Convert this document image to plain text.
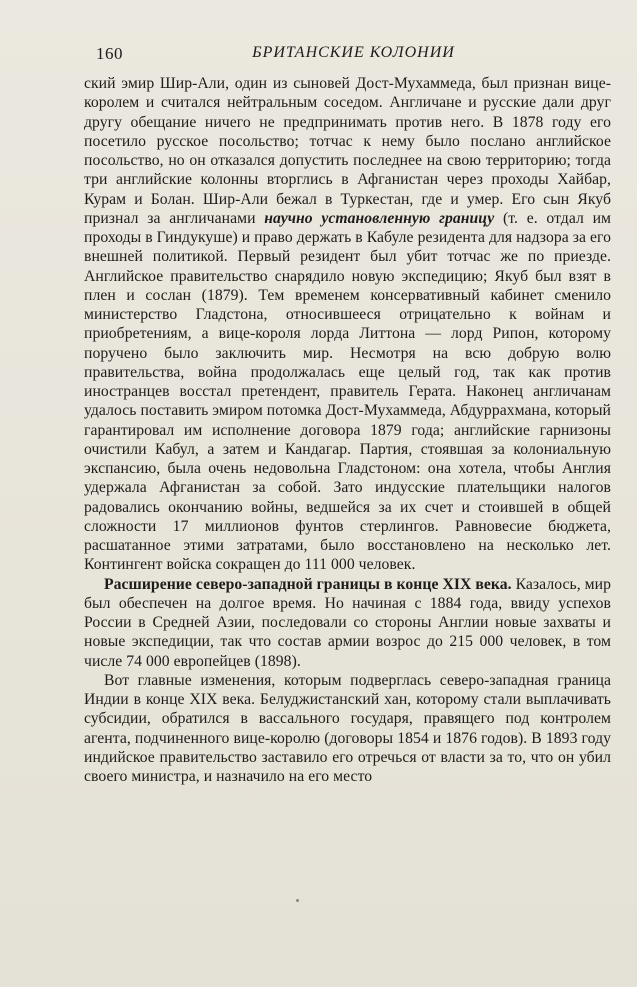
160	БРИТАНСКИЕ КОЛОНИИ

ский эмир Шир-Али, один из сыновей Дост-Мухаммеда, был признан вице-королем и считался нейтральным соседом. Англичане и русские дали друг другу обещание ничего не предпринимать против него. В 1878 году его посетило русское посольство; тотчас к нему было послано английское посольство, но он отказался допустить последнее на свою территорию; тогда три английские колонны вторглись в Афганистан через проходы Хайбар, Курам и Болан. Шир-Али бежал в Туркестан, где и умер. Его сын Якуб признал за англичанами научно установленную границу (т. е. отдал им проходы в Гиндукуше) и право держать в Кабуле резидента для надзора за его внешней политикой. Первый резидент был убит тотчас же по приезде. Английское правительство снарядило новую экспедицию; Якуб был взят в плен и сослан (1879). Тем временем консервативный кабинет сменило министерство Гладстона, относившееся отрицательно к войнам и приобретениям, а вице-короля лорда Литтона — лорд Рипон, которому поручено было заключить мир. Несмотря на всю добрую волю правительства, война продолжалась еще целый год, так как против иностранцев восстал претендент, правитель Герата. Наконец англичанам удалось поставить эмиром потомка Дост-Мухаммеда, Абдуррахмана, который гарантировал им исполнение договора 1879 года; английские гарнизоны очистили Кабул, а затем и Кандагар. Партия, стоявшая за колониальную экспансию, была очень недовольна Гладстоном: она хотела, чтобы Англия удержала Афганистан за собой. Зато индусские плательщики налогов радовались окончанию войны, ведшейся за их счет и стоившей в общей сложности 17 миллионов фунтов стерлингов. Равновесие бюджета, расшатанное этими затратами, было восстановлено на несколько лет. Контингент войска сокращен до 111 000 человек.

Расширение северо-западной границы в конце XIX века. Казалось, мир был обеспечен на долгое время. Но начиная с 1884 года, ввиду успехов России в Средней Азии, последовали со стороны Англии новые захваты и новые экспедиции, так что состав армии возрос до 215 000 человек, в том числе 74 000 европейцев (1898).

Вот главные изменения, которым подверглась северо-западная граница Индии в конце XIX века. Белуджистанский хан, которому стали выплачивать субсидии, обратился в вассального государя, правящего под контролем агента, подчиненного вице-королю (договоры 1854 и 1876 годов). В 1893 году индийское правительство заставило его отречься от власти за то, что он убил своего министра, и назначило на его место
